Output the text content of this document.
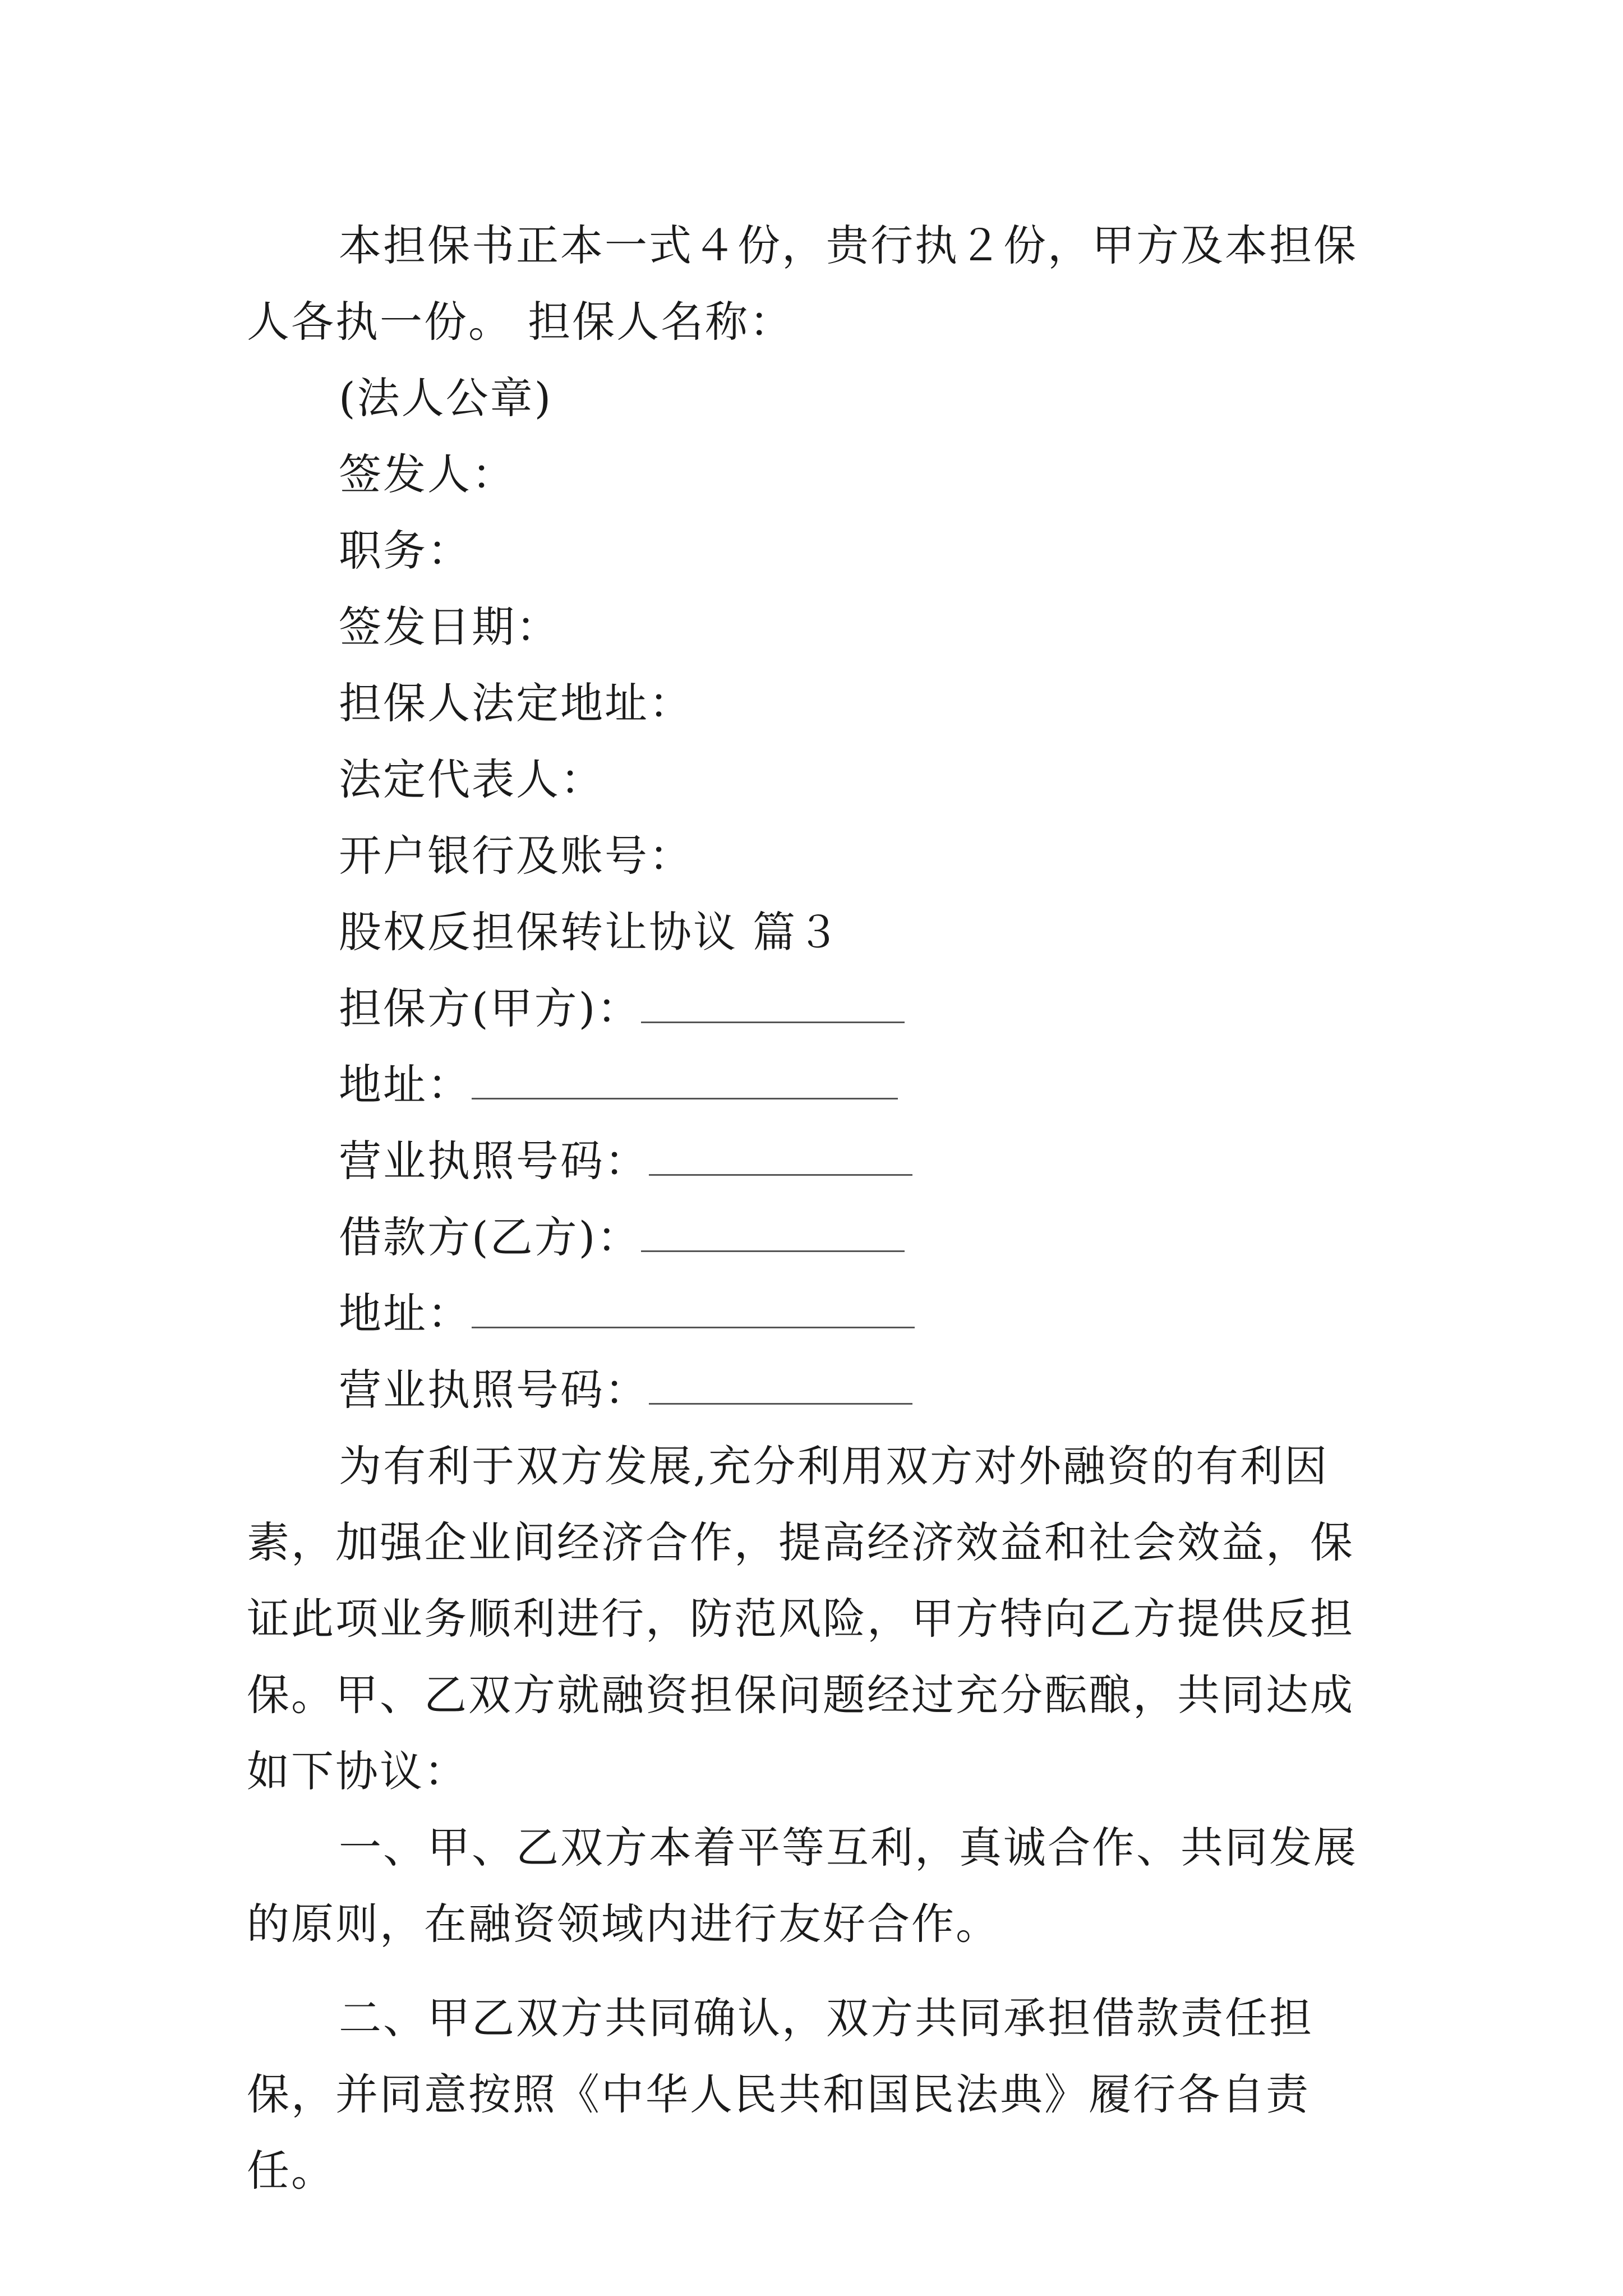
本担保书正本一式４份，贵行执２份，甲方及本担保人各执一份。 担保人名称：

(法人公章)

签发人：

职务：

签发日期：

担保人法定地址：

法定代表人：

开户银行及账号：

股权反担保转让协议 篇３

担保方(甲方)：

地址：

营业执照号码：

借款方(乙方)：

地址：

营业执照号码：

为有利于双方发展,充分利用双方对外融资的有利因素，加强企业间经济合作，提高经济效益和社会效益，保证此项业务顺利进行，防范风险，甲方特向乙方提供反担保。甲、乙双方就融资担保问题经过充分酝酿，共同达成如下协议：

一、甲、乙双方本着平等互利，真诚合作、共同发展的原则，在融资领域内进行友好合作。

二、甲乙双方共同确认，双方共同承担借款责任担保，并同意按照《中华人民共和国民法典》履行各自责任。
